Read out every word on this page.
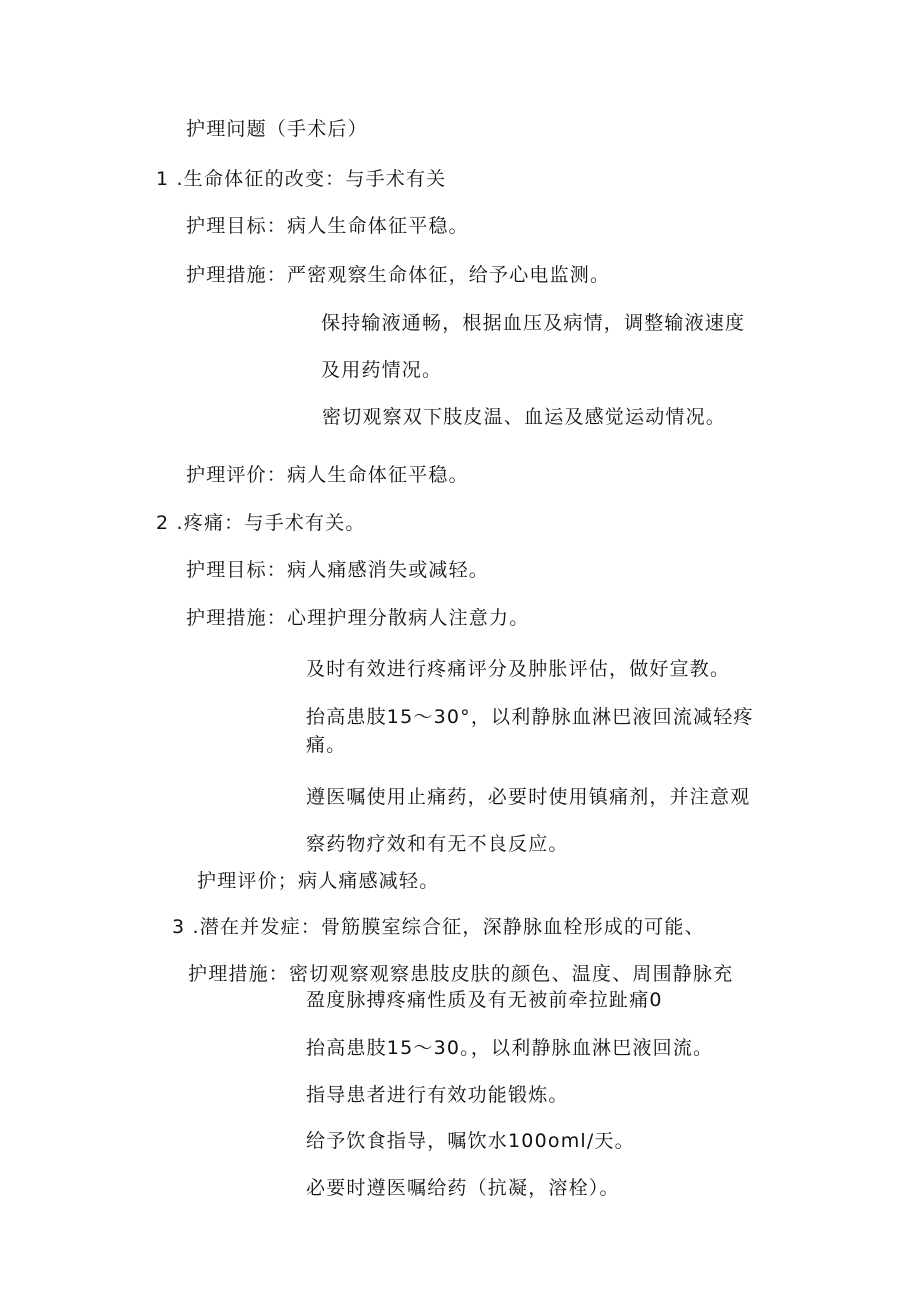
护理问题（手术后）
1 .生命体征的改变：与手术有关
护理目标：病人生命体征平稳。
护理措施：严密观察生命体征，给予心电监测。
保持输液通畅，根据血压及病情，调整输液速度
及用药情况。
密切观察双下肢皮温、血运及感觉运动情况。
护理评价：病人生命体征平稳。
2 .疼痛：与手术有关。
护理目标：病人痛感消失或减轻。
护理措施：心理护理分散病人注意力。
及时有效进行疼痛评分及肿胀评估，做好宣教。
抬高患肢15～30°，以利静脉血淋巴液回流减轻疼
痛。
遵医嘱使用止痛药，必要时使用镇痛剂，并注意观
察药物疗效和有无不良反应。
护理评价；病人痛感减轻。
3 .潜在并发症：骨筋膜室综合征，深静脉血栓形成的可能、
护理措施：密切观察观察患肢皮肤的颜色、温度、周围静脉充
盈度脉搏疼痛性质及有无被前牵拉趾痛0
抬高患肢15～30。，以利静脉血淋巴液回流。
指导患者进行有效功能锻炼。
给予饮食指导，嘱饮水100oml/天。
必要时遵医嘱给药（抗凝，溶栓）。
